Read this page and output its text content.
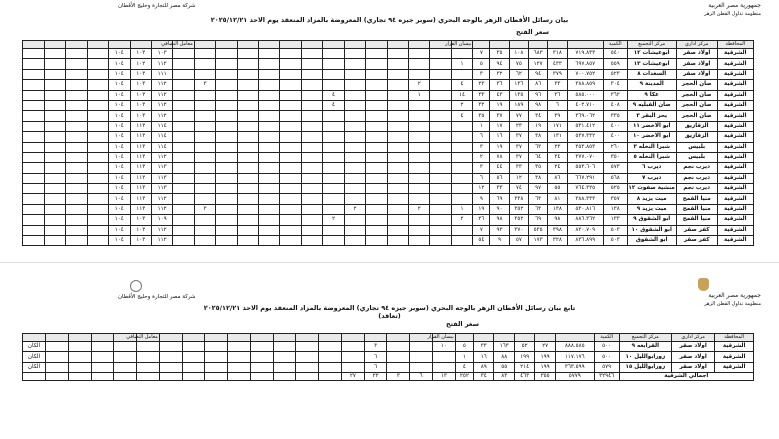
جمهورية مصر العربية
منظومة تداول القطن الزهر
شركة مصر للتجارة وحليج الأقطان
بيان رسائل الأقطان الزهر بالوجه البحري (سوبر جيزه ٩٤ تجاري) المعروضة بالمزاد المنعقد يوم الاحد ٢٠٢٥/١٢/٢١
سعر الفتح
المحافظة	مركز اداري	مركز التجميع	الكمية							بيسان القرار													معامل التصافي							
الشرقية	اولاد صقر	ابوعيشات ١٢	٥٤٠	٧١٩.٨٣٣	٣١٨	٦٨٣	١٠٨	٣٥	٧															١٠٣	١٠٣	١٠٤				
الشرقية	اولاد صقر	ابوعيشات ١٣	٥٥٩	٦٩٧.٨٥٧	٤٣٣	١٢٧	٧٥	٩٤	٥	١														١١٢	١٠٢	١٠٤				
الشرقية	اولاد صقر	السعدات ٨	٥٢٣	٧٠٠.٧٥٢	٣٧٩	٩٤	٦٢	٣٢	٣															١١١	١٠٣	١٠٤				
الشرقية	صان الحجر	المدينة ٩	٣٠٤	٣٨٨.٨٥٩	٣٣	٨٦	١٣٦	٣٦	٢٣	٤		٢										٣		١١٢	١٠٣	١٠٤				
الشرقية	صان الحجر	عكا ٩	٣٦٢	٥٨٥.٠٠٠	٣٦	٩٦	١٣٥	٤٣	٣٣	١٤		١				٤								١١٢	١٠٣	١٠٤				
الشرقية	صان الحجر	صان القبليه ٩	٤٠٨	٤٠٢.٧١٠	٦	٩٨	١٨٩	١٩	٣٢	٢						٤								١١٢	١٠٣	١٠٤				
الشرقية	صان الحجر	يحر البقر ٣	٣٣٥	٣٦٩.٠٦٢	٣٩	٣٤	٧٧	٣٧	٣٥	٤														١١٢	١٠٣	١٠٤				
الشرقية	الزقازيق	ابو الاخضر ١١	٤٠٠	٥٣١.٤١٢	١٧١	١٩	٢٣	١٧	١															١١٤	١١٣	١٠٤				
الشرقية	الزقازيق	ابو الاخضر ١٠	٤٠٠	٥٣٧.٣٣٢	١٣١	٣٨	٣٧	١٦	٦															١١٤	١١٣	١٠٤				
الشرقية	بلبيس	شبرا النخله ٣	٢٦٠	٣٥٣.٨٥٣	٢٣	٦٣	٣٧	١٩	٣															١١٤	١١٣	١٠٤				
الشرقية	بلبيس	شبرا النخله ٥	٣٥٠	٣٧٧.٠٧٠	٣٤	٦٤	٣٧	٧٨	٢															١١٢	١١٣	١٠٤				
الشرقية	ديرب نجم	ديرب ٦	٥٧٣	٥٥٣.٦٠٦	٢٤	٣٥	٣٣	٤٤	٣															١١٣	١١٣	١٠٤				
الشرقية	ديرب نجم	ديرب ٧	٥٦٨	٦٦٧.٢٩١	٨٦	٣٨	١٢	٥٦	٦															١١٣	١١٣	١٠٤				
الشرقية	ديرب نجم	منشية صفوت ١٢	٥٢٥	٧٦٤.٣٢٥	٥٥	٩٧	٧٤	٣٣	١٢															١١٣	١١٣	١٠٤				
الشرقية	منيا القمح	ميت يزيد ٨	٣٥٧	٣٨٨.٣٣٣	٨١	٦٣	٣٣٨	٦٩	٩															١١٢	١١٣	١٠٤				
الشرقية	منيا القمح	ميت يزيد ٩	١٣٨	٥٣٠.٨١٦	١٣٨	٦٣	٣٥٢	٩٠	١٩	١		٢			٢							٣		١١٢	١١٣	١٠٤				
الشرقية	منيا القمح	ابو الشقوق ٩	١٣٣	٨٨٦.٣٦٢	٩٨	٦٩	٣٥٢	٩٨	٢٦	٢						٢								١٠٩	١٠٣	١٠٤				
الشرقية	كفر صقر	ابو الشقوق ١٠	٥٠٣	٨٣٠.٧٠٩	٣٩٨	٥٣٥	٣٧٠	٩٣	٧															١١٢	١٠٣	١٠٤				
الشرقية	كفر صقر	ابو الشقوق	٥٠٣	٨٣٦.٨٩٩	٣٢٨	١٧٣	٥٧	٩	٥٤															١١٢	١٠٣	١٠٤				
جمهورية مصر العربية
منظومة تداول القطن الزهر
شركة مصر للتجارة وحليج الأقطان
تابع بيان رسائل الأقطان الزهر بالوجه البحري (سوبر جيزه ٩٤ تجاري) المعروضة بالمزاد المنعقد يوم الاحد ٢٠٢٥/١٢/٢١
(تعاقد)
سعر الفتح
المحافظة	مركز اداري	مركز التجميع	الكمية							بيسان القرار													معامل التصافي					
الشرقية	اولاد صقر	القرابعه ٩	٥٠٠	٨٨٨.٥٨٥	٢٧	٥٢	١٦٣	٣٣	٥	١٠			٣															الكان
الشرقية	اولاد صقر	زورابوالليل ١٠	٥٠٠	١١٧.١٧٦	١٩٩	١٩٩	٨٨	١٦	١				٦															الكان
الشرقية	اولاد صقر	زورابوالليل ١٥	٥٧٩	٣٦٣.٥٩٩	١٩٩	٢١٤	٥٥	٨٩	٤				٦															الكان
اجمالي الشرقية			٣٢٩٤٦	٥٧٧٩	٣٥٥	٤٦٣	٨٣	٣٤	٢٥٢	١٣	٦	٣	٢٢	٢٧														
